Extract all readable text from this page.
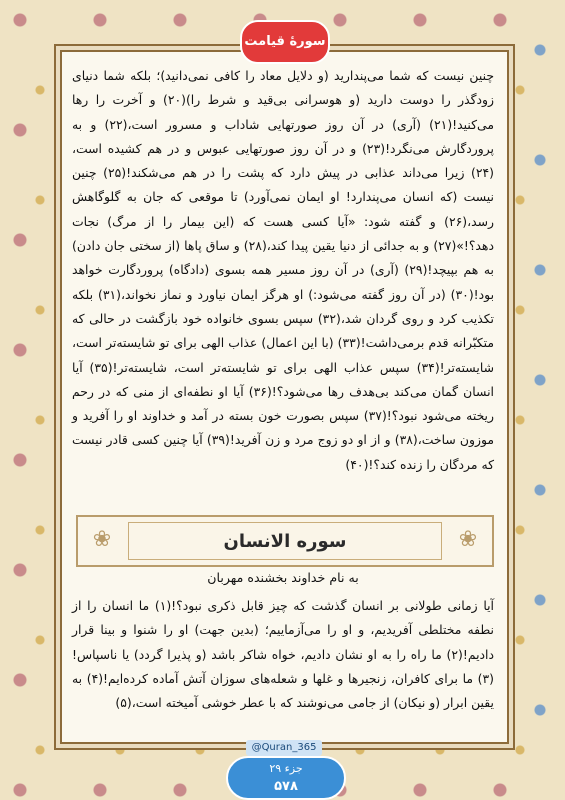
سورهٔ قیامت

چنین نیست که شما می‌پندارید (و دلایل معاد را کافی نمی‌دانید)؛ بلکه شما دنیای زودگذر را دوست دارید (و هوسرانی بی‌قید و شرط را)(۲۰) و آخرت را رها می‌کنید!(۲۱) (آری) در آن روز صورتهایی شاداب و مسرور است،(۲۲) و به پروردگارش می‌نگرد!(۲۳) و در آن روز صورتهایی عبوس و در هم کشیده است،(۲۴) زیرا می‌داند عذابی در پیش دارد که پشت را در هم می‌شکند!(۲۵) چنین نیست (که انسان می‌پندارد! او ایمان نمی‌آورد) تا موقعی که جان به گلوگاهش رسد،(۲۶) و گفته شود: «آیا کسی هست که (این بیمار را از مرگ) نجات دهد؟!»(۲۷) و به جدائی از دنیا یقین پیدا کند،(۲۸) و ساق پاها (از سختی جان دادن) به هم بپیچد!(۲۹) (آری) در آن روز مسیر همه بسوی (دادگاه) پروردگارت خواهد بود!(۳۰) (در آن روز گفته می‌شود:) او هرگز ایمان نیاورد و نماز نخواند،(۳۱) بلکه تکذیب کرد و روی گردان شد،(۳۲) سپس بسوی خانواده خود بازگشت در حالی که متکبّرانه قدم برمی‌داشت!(۳۳) (با این اعمال) عذاب الهی برای تو شایسته‌تر است، شایسته‌تر!(۳۴) سپس عذاب الهی برای تو شایسته‌تر است، شایسته‌تر!(۳۵) آیا انسان گمان می‌کند بی‌هدف رها می‌شود؟!(۳۶) آیا او نطفه‌ای از منی که در رحم ریخته می‌شود نبود؟!(۳۷) سپس بصورت خون بسته در آمد و خداوند او را آفرید و موزون ساخت،(۳۸) و از او دو زوج مرد و زن آفرید!(۳۹) آیا چنین کسی قادر نیست که مردگان را زنده کند؟!(۴۰)

❀	سوره الانسان	❀
به نام خداوند بخشنده مهربان

آیا زمانی طولانی بر انسان گذشت که چیز قابل ذکری نبود؟!(۱) ما انسان را از نطفه مختلطی آفریدیم، و او را می‌آزماییم؛ (بدین جهت) او را شنوا و بینا قرار دادیم!(۲) ما راه را به او نشان دادیم، خواه شاکر باشد (و پذیرا گردد) یا ناسپاس!(۳) ما برای کافران، زنجیرها و غلها و شعله‌های سوزان آتش آماده کرده‌ایم!(۴) به یقین ابرار (و نیکان) از جامی می‌نوشند که با عطر خوشی آمیخته است،(۵)

@Quran_365
جزء ۲۹
۵۷۸
